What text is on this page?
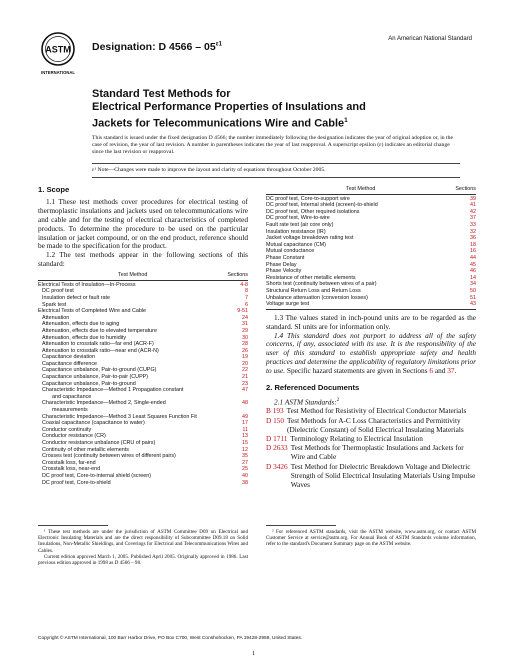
ASTM
INTERNATIONAL
Designation: D $4566 - 05^{\varepsilon 1}$
An American National Standard
Standard Test Methods for
Electrical Performance Properties of Insulations and
Jackets for Telecommunications Wire and Cable$^1$
This standard is issued under the fixed designation D 4566; the number immediately following the designation indicates the year of original adoption or, in the case of revision, the year of last revision. A number in parentheses indicates the year of last reapproval. A superscript epsilon (ε) indicates an editorial change since the last revision or reapproval.
ε¹ Note—Changes were made to improve the layout and clarity of equations throughout October 2005.
1. Scope

1.1 These test methods cover procedures for electrical testing of thermoplastic insulations and jackets used on telecommunications wire and cable and for the testing of electrical characteristics of completed products. To determine the procedure to be used on the particular insulation or jacket compound, or on the end product, reference should be made to the specification for the product.

1.2 The test methods appear in the following sections of this standard:

Test Method	Sections
Electrical Tests of Insulation—In-Process	4-8
DC proof test	8
Insulation defect or fault rate	7
Spark test	6
Electrical Tests of Completed Wire and Cable	9-51
Attenuation	24
Attenuation, effects due to aging	31
Attenuation, effects due to elevated temperature	29
Attenuation, effects due to humidity	30
Attenuation to crosstalk ratio—far end (ACR-F)	28
Attenuation to crosstalk ratio—near end (ACR-N)	26
Capacitance deviation	19
Capacitance difference	20
Capacitance unbalance, Pair-to-ground (CUPG)	22
Capacitance unbalance, Pair-to-pair (CUPP)	21
Capacitance unbalance, Pair-to-ground	23
Characteristic Impedance—Method 1 Propagation constant	47
and capacitance
Characteristic Impedance—Method 2, Single-ended	48
measurements
Characteristic Impedance—Method 3 Least Squares Function Fit	49
Coaxial capacitance (capacitance to water)	17
Conductor continuity	11
Conductor resistance (CR)	13
Conductor resistance unbalance (CRU of pairs)	15
Continuity of other metallic elements	12
Crosses test (continuity between wires of different pairs)	35
Crosstalk loss, far-end	27
Crosstalk loss, near-end	25
DC proof test, Core-to-internal shield (screen)	40
DC proof test, Core-to-shield	38
Test Method	Sections
DC proof test, Core-to-support wire	39
DC proof test, Internal shield (screen)-to-shield	41
DC proof test, Other required isolations	42
DC proof test, Wire-to-wire	37
Fault rate test (air core only)	33
Insulation resistance (IR)	32
Jacket voltage breakdown rating test	36
Mutual capacitance (CM)	18
Mutual conductance	16
Phase Constant	44
Phase Delay	45
Phase Velocity	46
Resistance of other metallic elements	14
Shorts test (continuity between wires of a pair)	34
Structural Return Loss and Return Loss	50
Unbalance attenuation (conversion losses)	51
Voltage surge test	43

1.3 The values stated in inch-pound units are to be regarded as the standard. SI units are for information only.

1.4 This standard does not purport to address all of the safety concerns, if any, associated with its use. It is the responsibility of the user of this standard to establish appropriate safety and health practices and determine the applicability of regulatory limitations prior to use. Specific hazard statements are given in Sections 6 and 37.

2. Referenced Documents
2.1 ASTM Standards:$^2$
B 193 Test Method for Resistivity of Electrical Conductor Materials
D 150 Test Methods for A-C Loss Characteristics and Permittivity (Dielectric Constant) of Solid Electrical Insulating Materials
D 1711 Terminology Relating to Electrical Insulation
D 2633 Test Methods for Thermoplastic Insulations and Jackets for Wire and Cable
D 3426 Test Method for Dielectric Breakdown Voltage and Dielectric Strength of Solid Electrical Insulating Materials Using Impulse Waves

¹ These test methods are under the jurisdiction of ASTM Committee D09 on Electrical and Electronic Insulating Materials and are the direct responsibility of Subcommittee D09.18 on Solid Insulations, Non-Metallic Shieldings, and Coverings for Electrical and Telecommunications Wires and Cables.

Current edition approved March 1, 2005. Published April 2005. Originally approved in 1986. Last previous edition approved in 1998 as D 4566 – 98.

² For referenced ASTM standards, visit the ASTM website, www.astm.org, or contact ASTM Customer Service at service@astm.org. For Annual Book of ASTM Standards volume information, refer to the standard's Document Summary page on the ASTM website.

Copyright © ASTM International, 100 Barr Harbor Drive, PO Box C700, West Conshohocken, PA 19428-2959, United States.
1
